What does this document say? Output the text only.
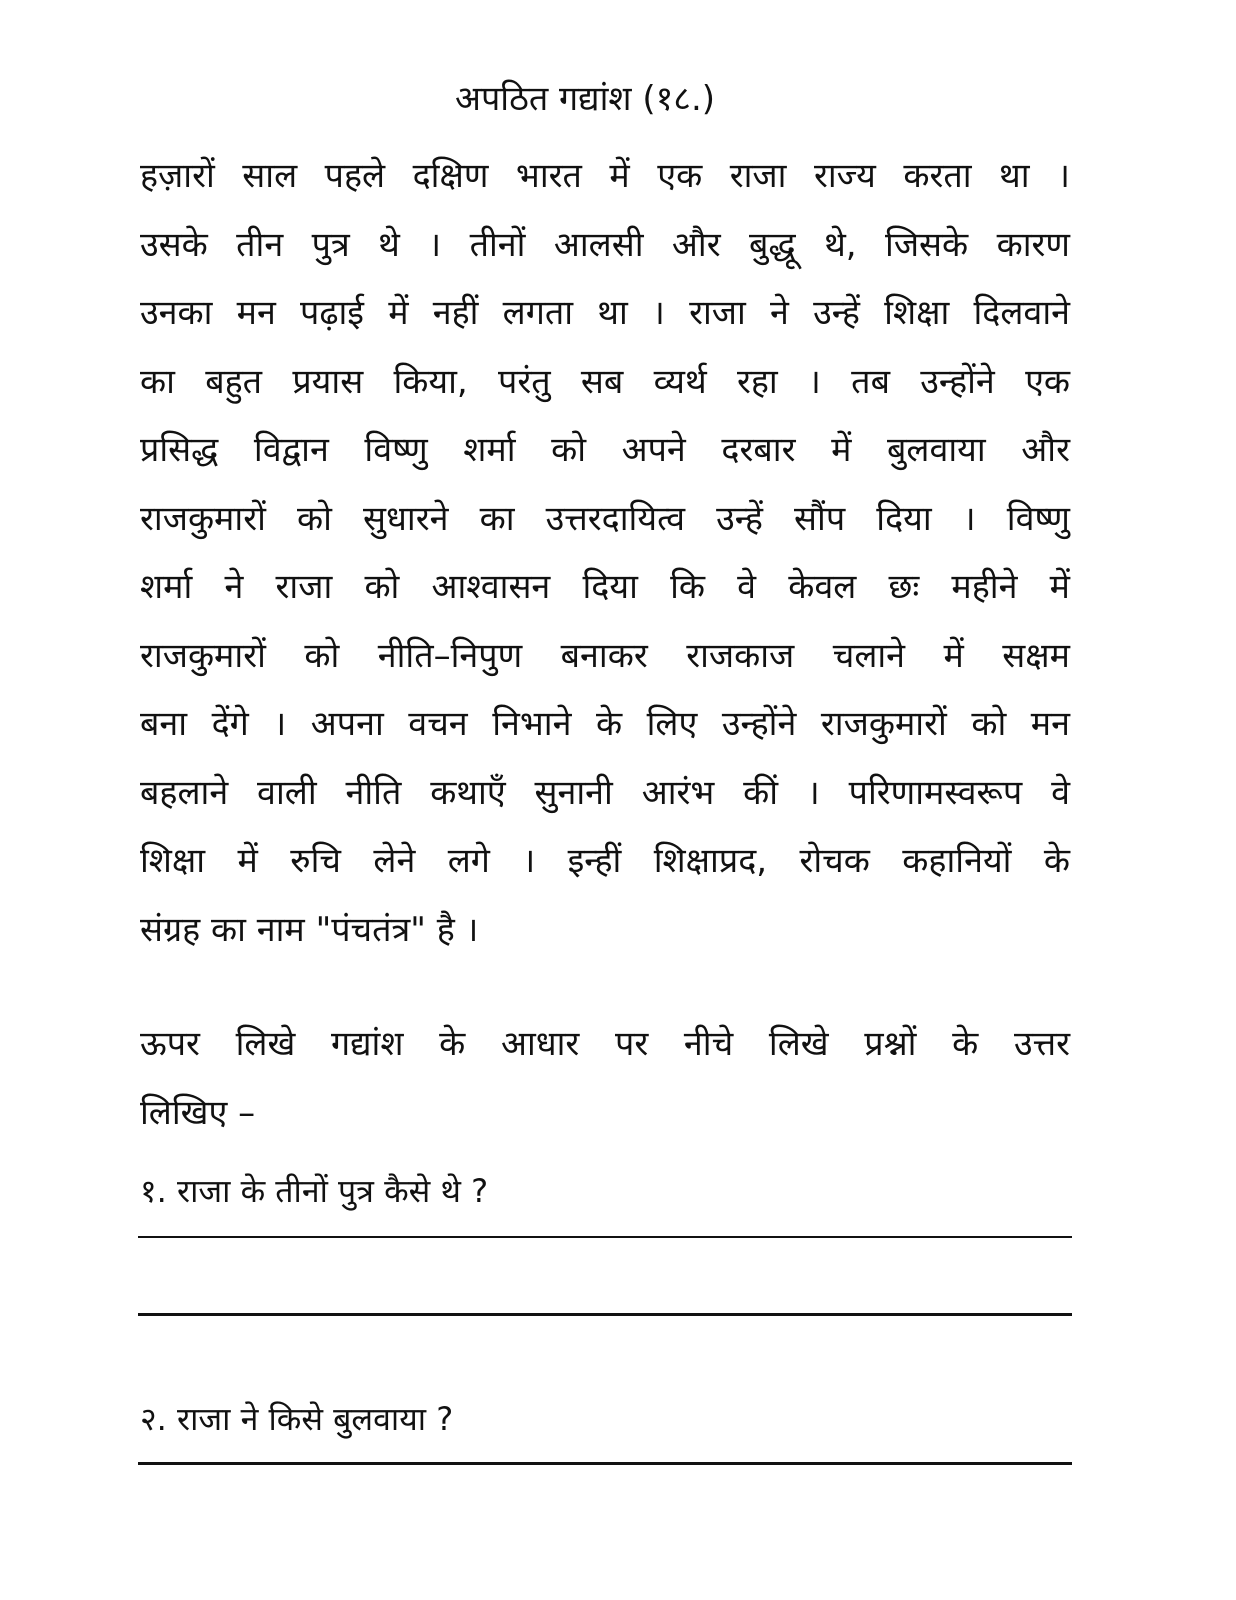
अपठित गद्यांश (१८.)
हज़ारों साल पहले दक्षिण भारत में एक राजा राज्य करता था ।
उसके तीन पुत्र थे । तीनों आलसी और बुद्धू थे, जिसके कारण
उनका मन पढ़ाई में नहीं लगता था । राजा ने उन्हें शिक्षा दिलवाने
का बहुत प्रयास किया, परंतु सब व्यर्थ रहा । तब उन्होंने एक
प्रसिद्ध विद्वान विष्णु शर्मा को अपने दरबार में बुलवाया और
राजकुमारों को सुधारने का उत्तरदायित्व उन्हें सौंप दिया । विष्णु
शर्मा ने राजा को आश्वासन दिया कि वे केवल छः महीने में
राजकुमारों को नीति–निपुण बनाकर राजकाज चलाने में सक्षम
बना देंगे । अपना वचन निभाने के लिए उन्होंने राजकुमारों को मन
बहलाने वाली नीति कथाएँ सुनानी आरंभ कीं । परिणामस्वरूप वे
शिक्षा में रुचि लेने लगे । इन्हीं शिक्षाप्रद, रोचक कहानियों के
संग्रह का नाम "पंचतंत्र" है ।
ऊपर लिखे गद्यांश के आधार पर नीचे लिखे प्रश्नों के उत्तर
लिखिए –
१. राजा के तीनों पुत्र कैसे थे ?
२. राजा ने किसे बुलवाया ?
